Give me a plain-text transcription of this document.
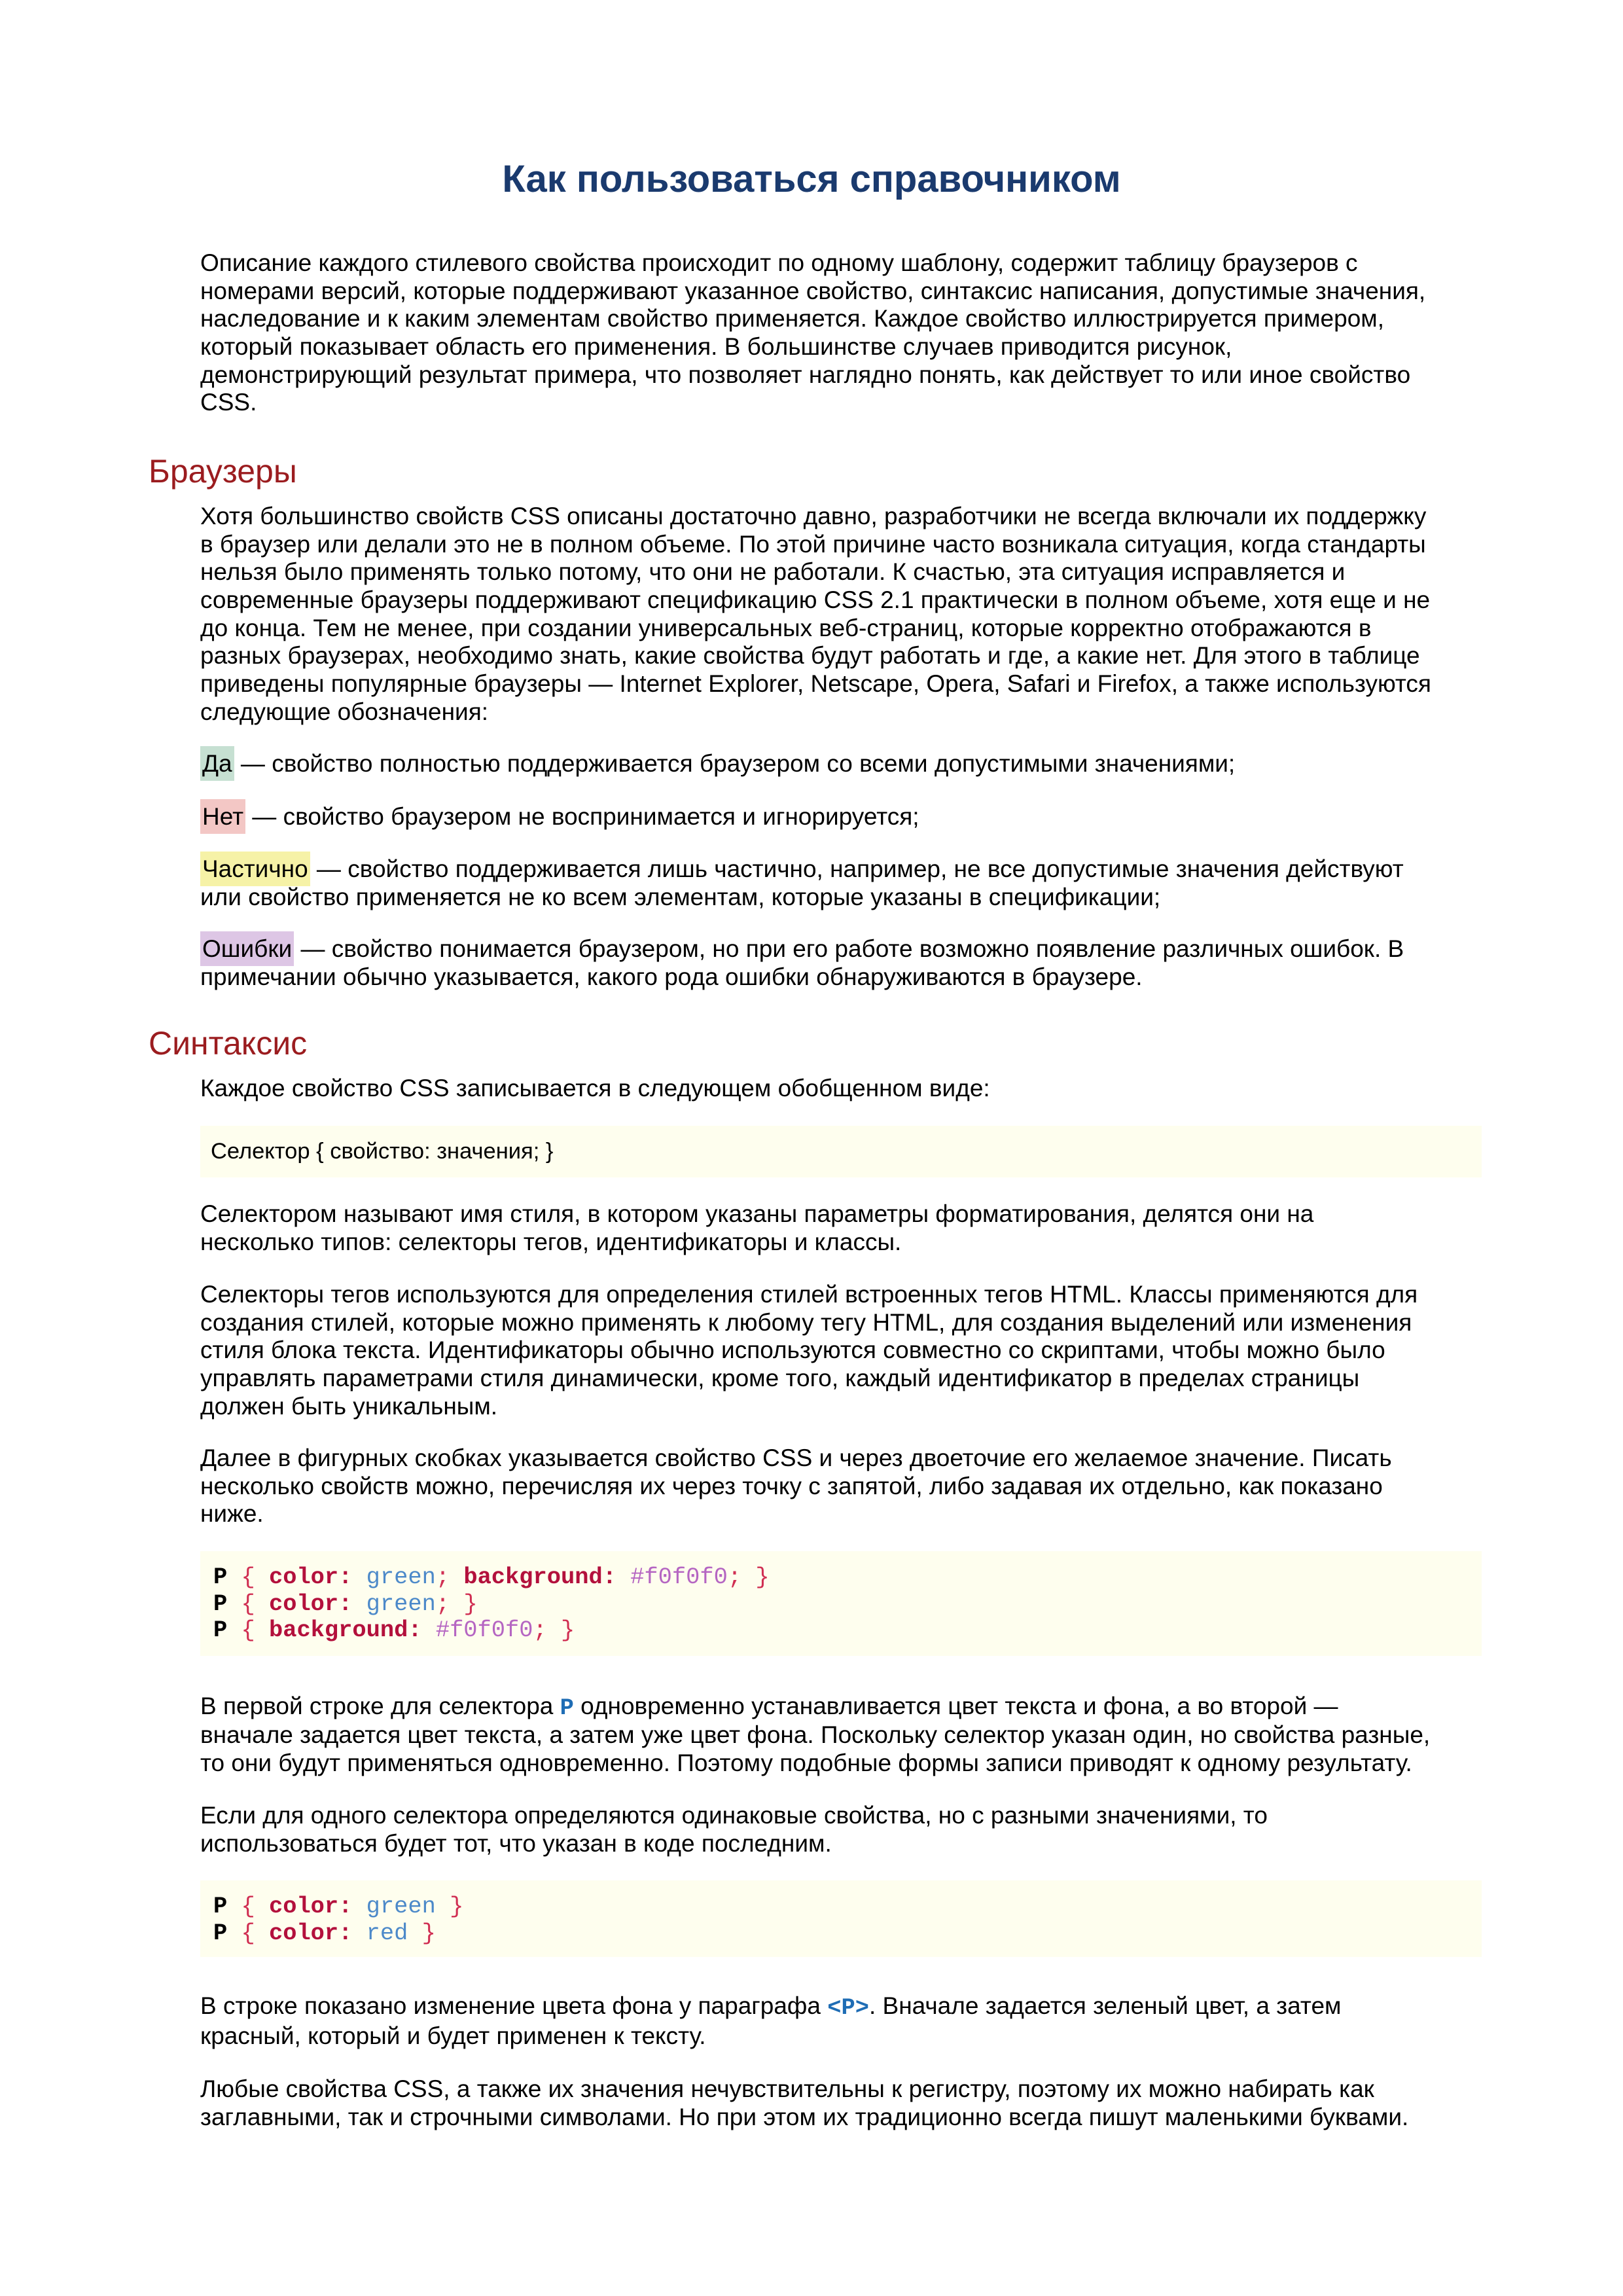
Как пользоваться справочником
Описание каждого стилевого свойства происходит по одному шаблону, содержит таблицу браузеров с
номерами версий, которые поддерживают указанное свойство, синтаксис написания, допустимые значения,
наследование и к каким элементам свойство применяется. Каждое свойство иллюстрируется примером,
который показывает область его применения. В большинстве случаев приводится рисунок,
демонстрирующий результат примера, что позволяет наглядно понять, как действует то или иное свойство
CSS.
Браузеры
Хотя большинство свойств CSS описаны достаточно давно, разработчики не всегда включали их поддержку
в браузер или делали это не в полном объеме. По этой причине часто возникала ситуация, когда стандарты
нельзя было применять только потому, что они не работали. К счастью, эта ситуация исправляется и
современные браузеры поддерживают спецификацию CSS 2.1 практически в полном объеме, хотя еще и не
до конца. Тем не менее, при создании универсальных веб-страниц, которые корректно отображаются в
разных браузерах, необходимо знать, какие свойства будут работать и где, а какие нет. Для этого в таблице
приведены популярные браузеры — Internet Explorer, Netscape, Opera, Safari и Firefox, а также используются
следующие обозначения:
Да — свойство полностью поддерживается браузером со всеми допустимыми значениями;
Нет — свойство браузером не воспринимается и игнорируется;
Частично — свойство поддерживается лишь частично, например, не все допустимые значения действуют
или свойство применяется не ко всем элементам, которые указаны в спецификации;
Ошибки — свойство понимается браузером, но при его работе возможно появление различных ошибок. В
примечании обычно указывается, какого рода ошибки обнаруживаются в браузере.
Синтаксис
Каждое свойство CSS записывается в следующем обобщенном виде:
Селектор { свойство: значения; }
Селектором называют имя стиля, в котором указаны параметры форматирования, делятся они на
несколько типов: селекторы тегов, идентификаторы и классы.
Селекторы тегов используются для определения стилей встроенных тегов HTML. Классы применяются для
создания стилей, которые можно применять к любому тегу HTML, для создания выделений или изменения
стиля блока текста. Идентификаторы обычно используются совместно со скриптами, чтобы можно было
управлять параметрами стиля динамически, кроме того, каждый идентификатор в пределах страницы
должен быть уникальным.
Далее в фигурных скобках указывается свойство CSS и через двоеточие его желаемое значение. Писать
несколько свойств можно, перечисляя их через точку с запятой, либо задавая их отдельно, как показано
ниже.
P { color: green; background: #f0f0f0; }
P { color: green; }
P { background: #f0f0f0; }
В первой строке для селектора P одновременно устанавливается цвет текста и фона, а во второй —
вначале задается цвет текста, а затем уже цвет фона. Поскольку селектор указан один, но свойства разные,
то они будут применяться одновременно. Поэтому подобные формы записи приводят к одному результату.
Если для одного селектора определяются одинаковые свойства, но с разными значениями, то
использоваться будет тот, что указан в коде последним.
P { color: green }
P { color: red }
В строке показано изменение цвета фона у параграфа <P>. Вначале задается зеленый цвет, а затем
красный, который и будет применен к тексту.
Любые свойства CSS, а также их значения нечувствительны к регистру, поэтому их можно набирать как
заглавными, так и строчными символами. Но при этом их традиционно всегда пишут маленькими буквами.
